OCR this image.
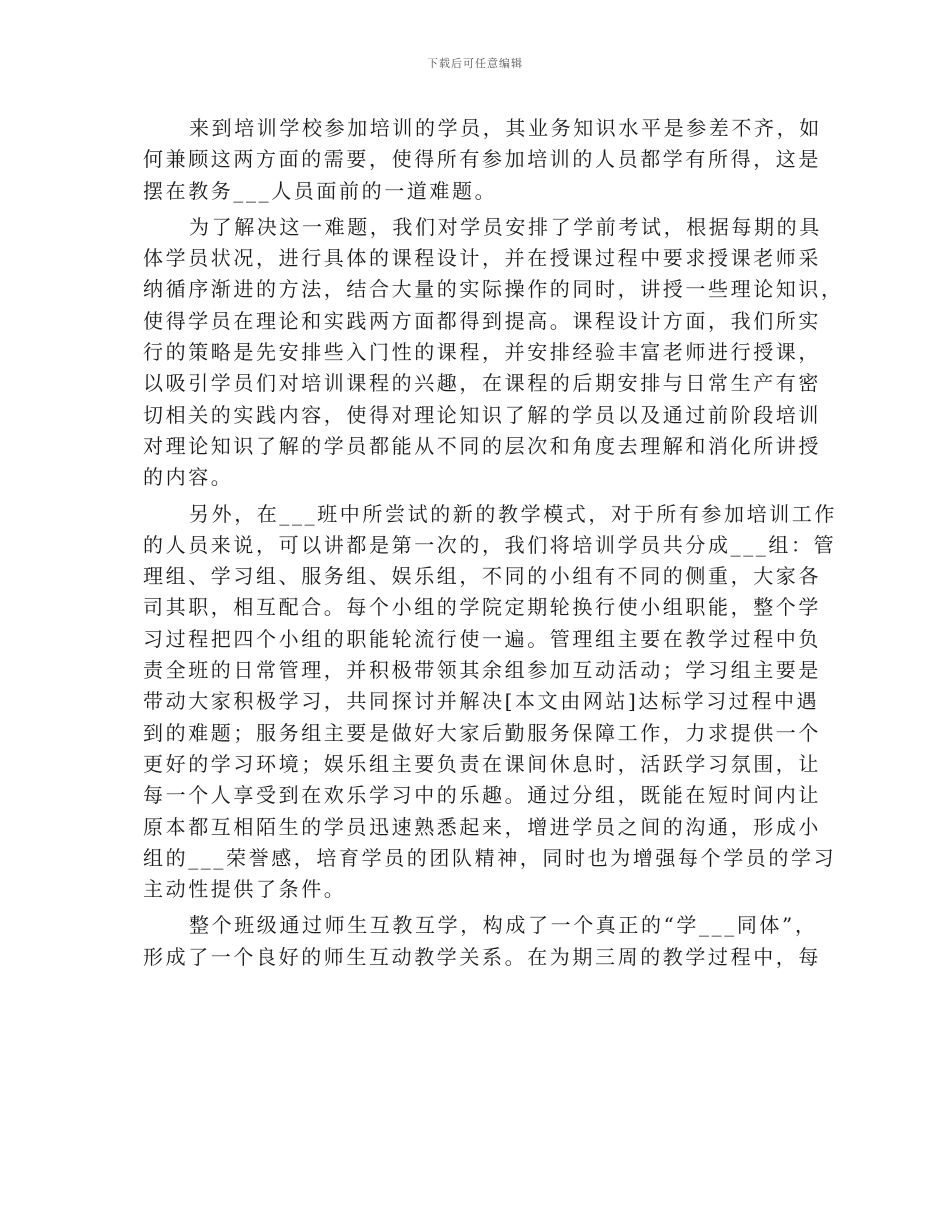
下载后可任意编辑

来到培训学校参加培训的学员，其业务知识水平是参差不齐，如
何兼顾这两方面的需要，使得所有参加培训的人员都学有所得，这是
摆在教务___人员面前的一道难题。

为了解决这一难题，我们对学员安排了学前考试，根据每期的具
体学员状况，进行具体的课程设计，并在授课过程中要求授课老师采
纳循序渐进的方法，结合大量的实际操作的同时，讲授一些理论知识，
使得学员在理论和实践两方面都得到提高。课程设计方面，我们所实
行的策略是先安排些入门性的课程，并安排经验丰富老师进行授课，
以吸引学员们对培训课程的兴趣，在课程的后期安排与日常生产有密
切相关的实践内容，使得对理论知识了解的学员以及通过前阶段培训
对理论知识了解的学员都能从不同的层次和角度去理解和消化所讲授
的内容。

另外，在___班中所尝试的新的教学模式，对于所有参加培训工作
的人员来说，可以讲都是第一次的，我们将培训学员共分成___组：管
理组、学习组、服务组、娱乐组，不同的小组有不同的侧重，大家各
司其职，相互配合。每个小组的学院定期轮换行使小组职能，整个学
习过程把四个小组的职能轮流行使一遍。管理组主要在教学过程中负
责全班的日常管理，并积极带领其余组参加互动活动；学习组主要是
带动大家积极学习，共同探讨并解决[本文由网站]达标学习过程中遇
到的难题；服务组主要是做好大家后勤服务保障工作，力求提供一个
更好的学习环境；娱乐组主要负责在课间休息时，活跃学习氛围，让
每一个人享受到在欢乐学习中的乐趣。通过分组，既能在短时间内让
原本都互相陌生的学员迅速熟悉起来，增进学员之间的沟通，形成小
组的___荣誉感，培育学员的团队精神，同时也为增强每个学员的学习
主动性提供了条件。

整个班级通过师生互教互学，构成了一个真正的“学___同体”，
形成了一个良好的师生互动教学关系。在为期三周的教学过程中，每
